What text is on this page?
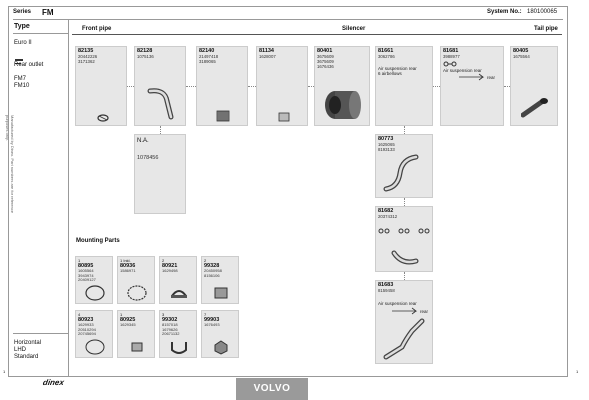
Manufactured by Dinex. Part numbers are for reference purposes only.
Series FM	System No.: 180100065
Type
Euro II
Rear outlet
FM7
FM10
Horizontal
LHD
Standard
Front pipe	Silencer	Tail pipe
82135
20442226
3171362
82128
1075136
82140
21497418
3189065
81134
1628007
80401
3675609
3675609
1676436
81661
3062786
Air suspension rear
6 airbellows
81681
3988977
Air suspension rear
rear
80405
1675564
N.A.
1078456
80773
1625065
8193133
81682
20374312
81683
8159458
Air suspension rear
rear
Mounting Parts
1
80895
1605564
3943974
20409127
1 Inkl.
80936
1586971
2
80921
1629498
2
99328
20450958
8156106
4
80923
1629933
20510294
20745694
1
80925
1629345
3
99302
8157018
1679626
20671132
7
99903
1676493
1	1
dinex
VOLVO
